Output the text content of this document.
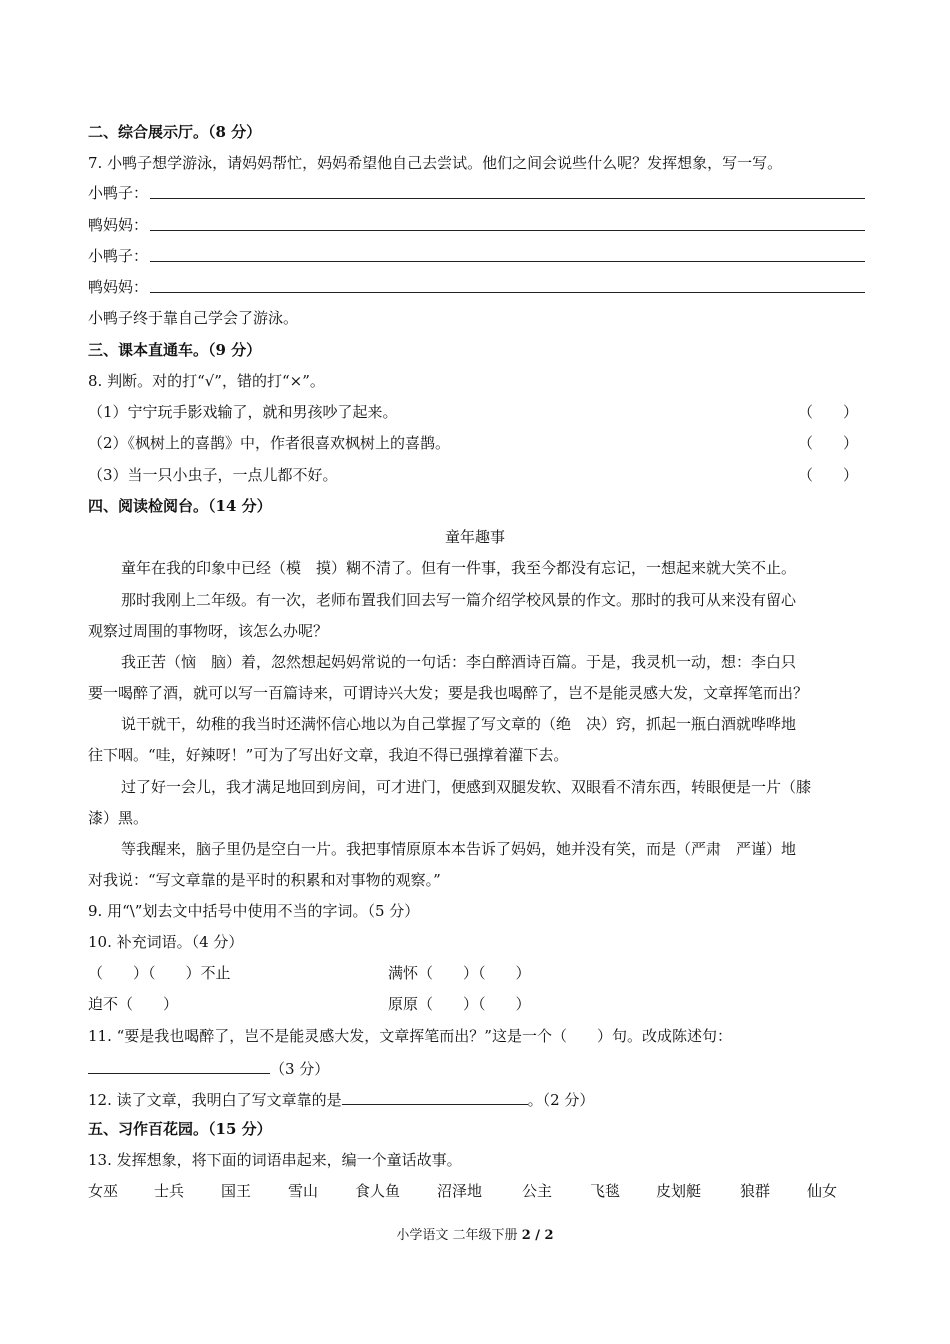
二、综合展示厅。（8 分）
7. 小鸭子想学游泳，请妈妈帮忙，妈妈希望他自己去尝试。他们之间会说些什么呢？发挥想象，写一写。
小鸭子：
鸭妈妈：
小鸭子：
鸭妈妈：
小鸭子终于靠自己学会了游泳。
三、课本直通车。（9 分）
8. 判断。对的打“√”，错的打“×”。
（1）宁宁玩手影戏输了，就和男孩吵了起来。	（　　）
（2）《枫树上的喜鹊》中，作者很喜欢枫树上的喜鹊。	（　　）
（3）当一只小虫子，一点儿都不好。	（　　）
四、阅读检阅台。（14 分）
童年趣事
童年在我的印象中已经（模　摸）糊不清了。但有一件事，我至今都没有忘记，一想起来就大笑不止。
那时我刚上二年级。有一次，老师布置我们回去写一篇介绍学校风景的作文。那时的我可从来没有留心
观察过周围的事物呀，该怎么办呢？
我正苦（恼　脑）着，忽然想起妈妈常说的一句话：李白醉酒诗百篇。于是，我灵机一动，想：李白只
要一喝醉了酒，就可以写一百篇诗来，可谓诗兴大发；要是我也喝醉了，岂不是能灵感大发，文章挥笔而出？
说干就干，幼稚的我当时还满怀信心地以为自己掌握了写文章的（绝　决）窍，抓起一瓶白酒就哗哗地
往下咽。“哇，好辣呀！”可为了写出好文章，我迫不得已强撑着灌下去。
过了好一会儿，我才满足地回到房间，可才进门，便感到双腿发软、双眼看不清东西，转眼便是一片（膝
漆）黑。
等我醒来，脑子里仍是空白一片。我把事情原原本本告诉了妈妈，她并没有笑，而是（严肃　严谨）地
对我说：“写文章靠的是平时的积累和对事物的观察。”
9. 用“\”划去文中括号中使用不当的字词。（5 分）
10. 补充词语。（4 分）
（　　）（　　）不止	满怀（　　）（　　）
迫不（　　）	原原（　　）（　　）
11. “要是我也喝醉了，岂不是能灵感大发，文章挥笔而出？”这是一个（　　）句。改成陈述句：
（3 分）
12. 读了文章，我明白了写文章靠的是	。（2 分）
五、习作百花园。（15 分）
13. 发挥想象，将下面的词语串起来，编一个童话故事。
女巫 士兵 国王 雪山 食人鱼 沼泽地	公主	飞毯 皮划艇	狼群 仙女
小学语文 二年级下册 2 / 2
